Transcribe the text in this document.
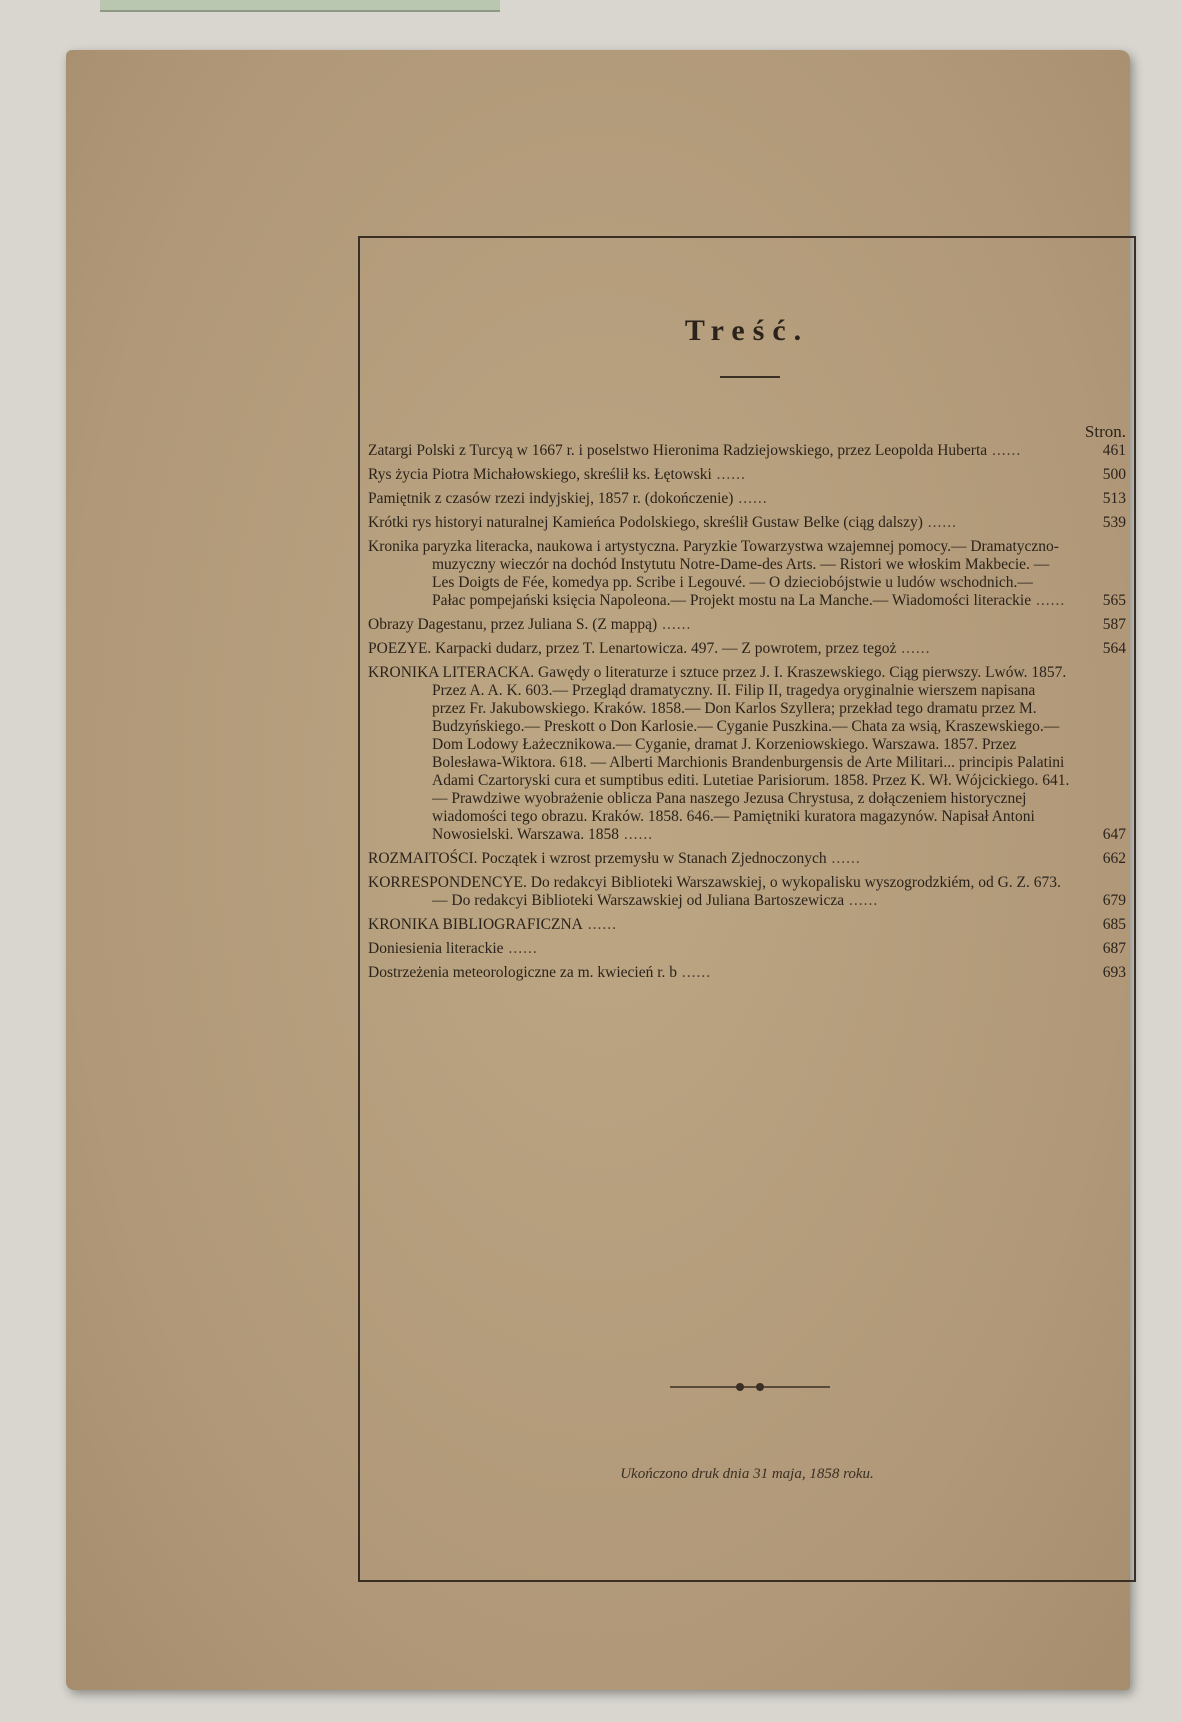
Treść.
Stron.
Zatargi Polski z Turcyą w 1667 r. i poselstwo Hieronima Radziejowskiego, przez Leopolda Huberta ......	461
Rys życia Piotra Michałowskiego, skreślił ks. Łętowski ......	500
Pamiętnik z czasów rzezi indyjskiej, 1857 r. (dokończenie) ......	513
Krótki rys historyi naturalnej Kamieńca Podolskiego, skreślił Gustaw Belke (ciąg dalszy) ......	539
Kronika paryzka literacka, naukowa i artystyczna. Paryzkie Towarzystwa wzajemnej pomocy.— Dramatyczno-muzyczny wieczór na dochód Instytutu Notre-Dame-des Arts. — Ristori we włoskim Makbecie. — Les Doigts de Fée, komedya pp. Scribe i Legouvé. — O dzieciobójstwie u ludów wschodnich.— Pałac pompejański księcia Napoleona.— Projekt mostu na La Manche.— Wiadomości literackie ......	565
Obrazy Dagestanu, przez Juliana S. (Z mappą) ......	587
POEZYE. Karpacki dudarz, przez T. Lenartowicza. 497. — Z powrotem, przez tegoż ......	564
KRONIKA LITERACKA. Gawędy o literaturze i sztuce przez J. I. Kraszewskiego. Ciąg pierwszy. Lwów. 1857. Przez A. A. K. 603.— Przegląd dramatyczny. II. Filip II, tragedya oryginalnie wierszem napisana przez Fr. Jakubowskiego. Kraków. 1858.— Don Karlos Szyllera; przekład tego dramatu przez M. Budzyńskiego.— Preskott o Don Karlosie.— Cyganie Puszkina.— Chata za wsią, Kraszewskiego.— Dom Lodowy Łażecznikowa.— Cyganie, dramat J. Korzeniowskiego. Warszawa. 1857. Przez Bolesława-Wiktora. 618. — Alberti Marchionis Brandenburgensis de Arte Militari... principis Palatini Adami Czartoryski cura et sumptibus editi. Lutetiae Parisiorum. 1858. Przez K. Wł. Wójcickiego. 641.— Prawdziwe wyobrażenie oblicza Pana naszego Jezusa Chrystusa, z dołączeniem historycznej wiadomości tego obrazu. Kraków. 1858. 646.— Pamiętniki kuratora magazynów. Napisał Antoni Nowosielski. Warszawa. 1858 ......	647
ROZMAITOŚCI. Początek i wzrost przemysłu w Stanach Zjednoczonych ......	662
KORRESPONDENCYE. Do redakcyi Biblioteki Warszawskiej, o wykopalisku wyszogrodzkiém, od G. Z. 673. — Do redakcyi Biblioteki Warszawskiej od Juliana Bartoszewicza ......	679
KRONIKA BIBLIOGRAFICZNA ......	685
Doniesienia literackie ......	687
Dostrzeżenia meteorologiczne za m. kwiecień r. b ......	693
Ukończono druk dnia 31 maja, 1858 roku.
